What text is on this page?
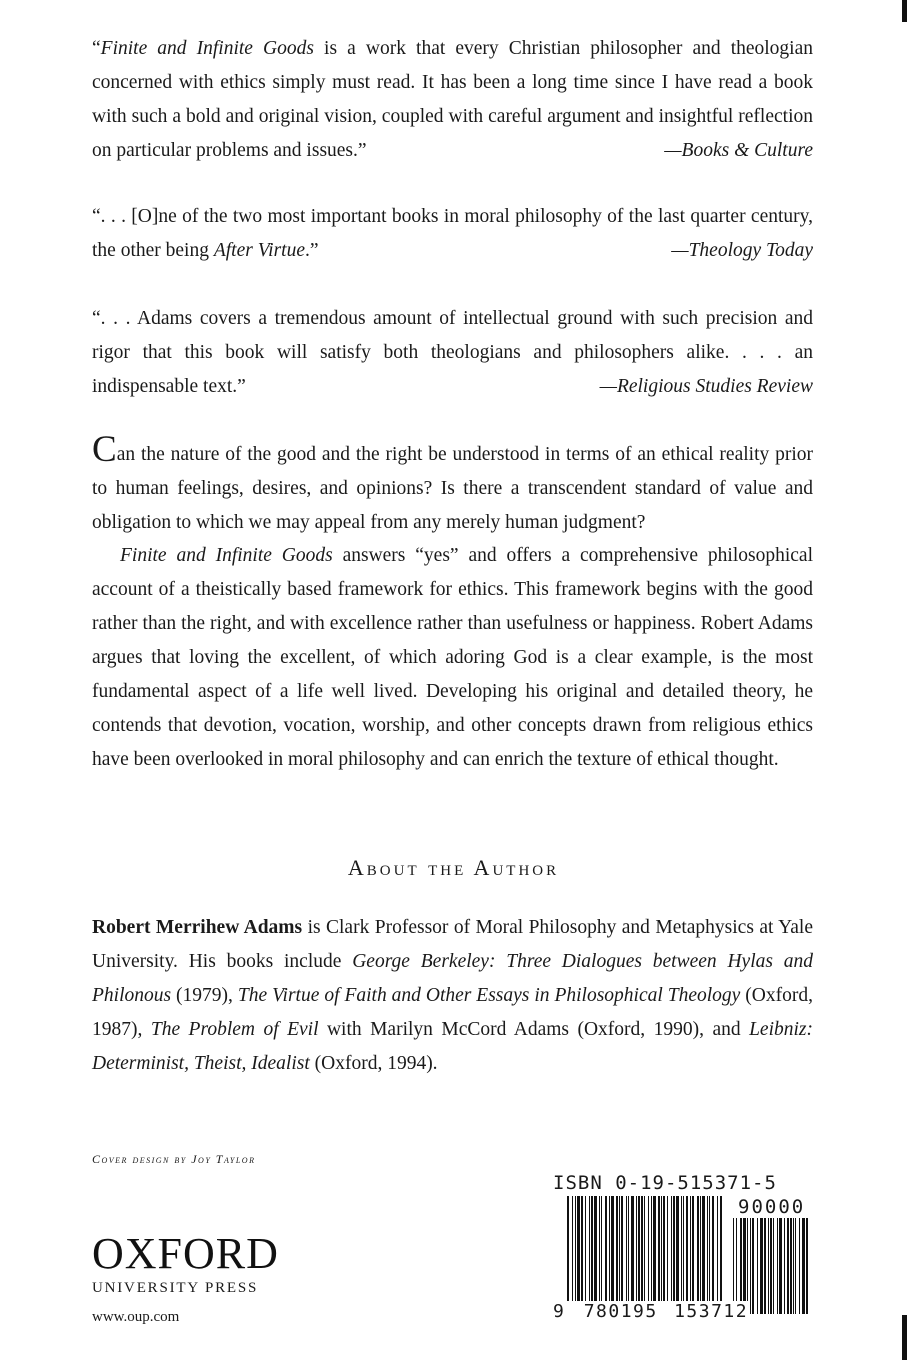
“Finite and Infinite Goods is a work that every Christian philosopher and theologian concerned with ethics simply must read. It has been a long time since I have read a book with such a bold and original vision, coupled with careful argument and insightful reflection on particular problems and issues.”	—Books & Culture
“. . . [O]ne of the two most important books in moral philosophy of the last quarter century, the other being After Virtue.”	—Theology Today
“. . . Adams covers a tremendous amount of intellectual ground with such precision and rigor that this book will satisfy both theologians and philosophers alike. . . . an indispensable text.”	—Religious Studies Review
Can the nature of the good and the right be understood in terms of an ethical reality prior to human feelings, desires, and opinions? Is there a transcendent standard of value and obligation to which we may appeal from any merely human judgment?
Finite and Infinite Goods answers “yes” and offers a comprehensive philosophical account of a theistically based framework for ethics. This framework begins with the good rather than the right, and with excellence rather than usefulness or happiness. Robert Adams argues that loving the excellent, of which adoring God is a clear example, is the most fundamental aspect of a life well lived. Developing his original and detailed theory, he contends that devotion, vocation, worship, and other concepts drawn from religious ethics have been overlooked in moral philosophy and can enrich the texture of ethical thought.
About the Author
Robert Merrihew Adams is Clark Professor of Moral Philosophy and Metaphysics at Yale University. His books include George Berkeley: Three Dialogues between Hylas and Philonous (1979), The Virtue of Faith and Other Essays in Philosophical Theology (Oxford, 1987), The Problem of Evil with Marilyn McCord Adams (Oxford, 1990), and Leibniz: Determinist, Theist, Idealist (Oxford, 1994).

Cover design by Joy Taylor

OXFORD
UNIVERSITY PRESS
www.oup.com

ISBN 0-19-515371-5

90000

9 780195 153712
